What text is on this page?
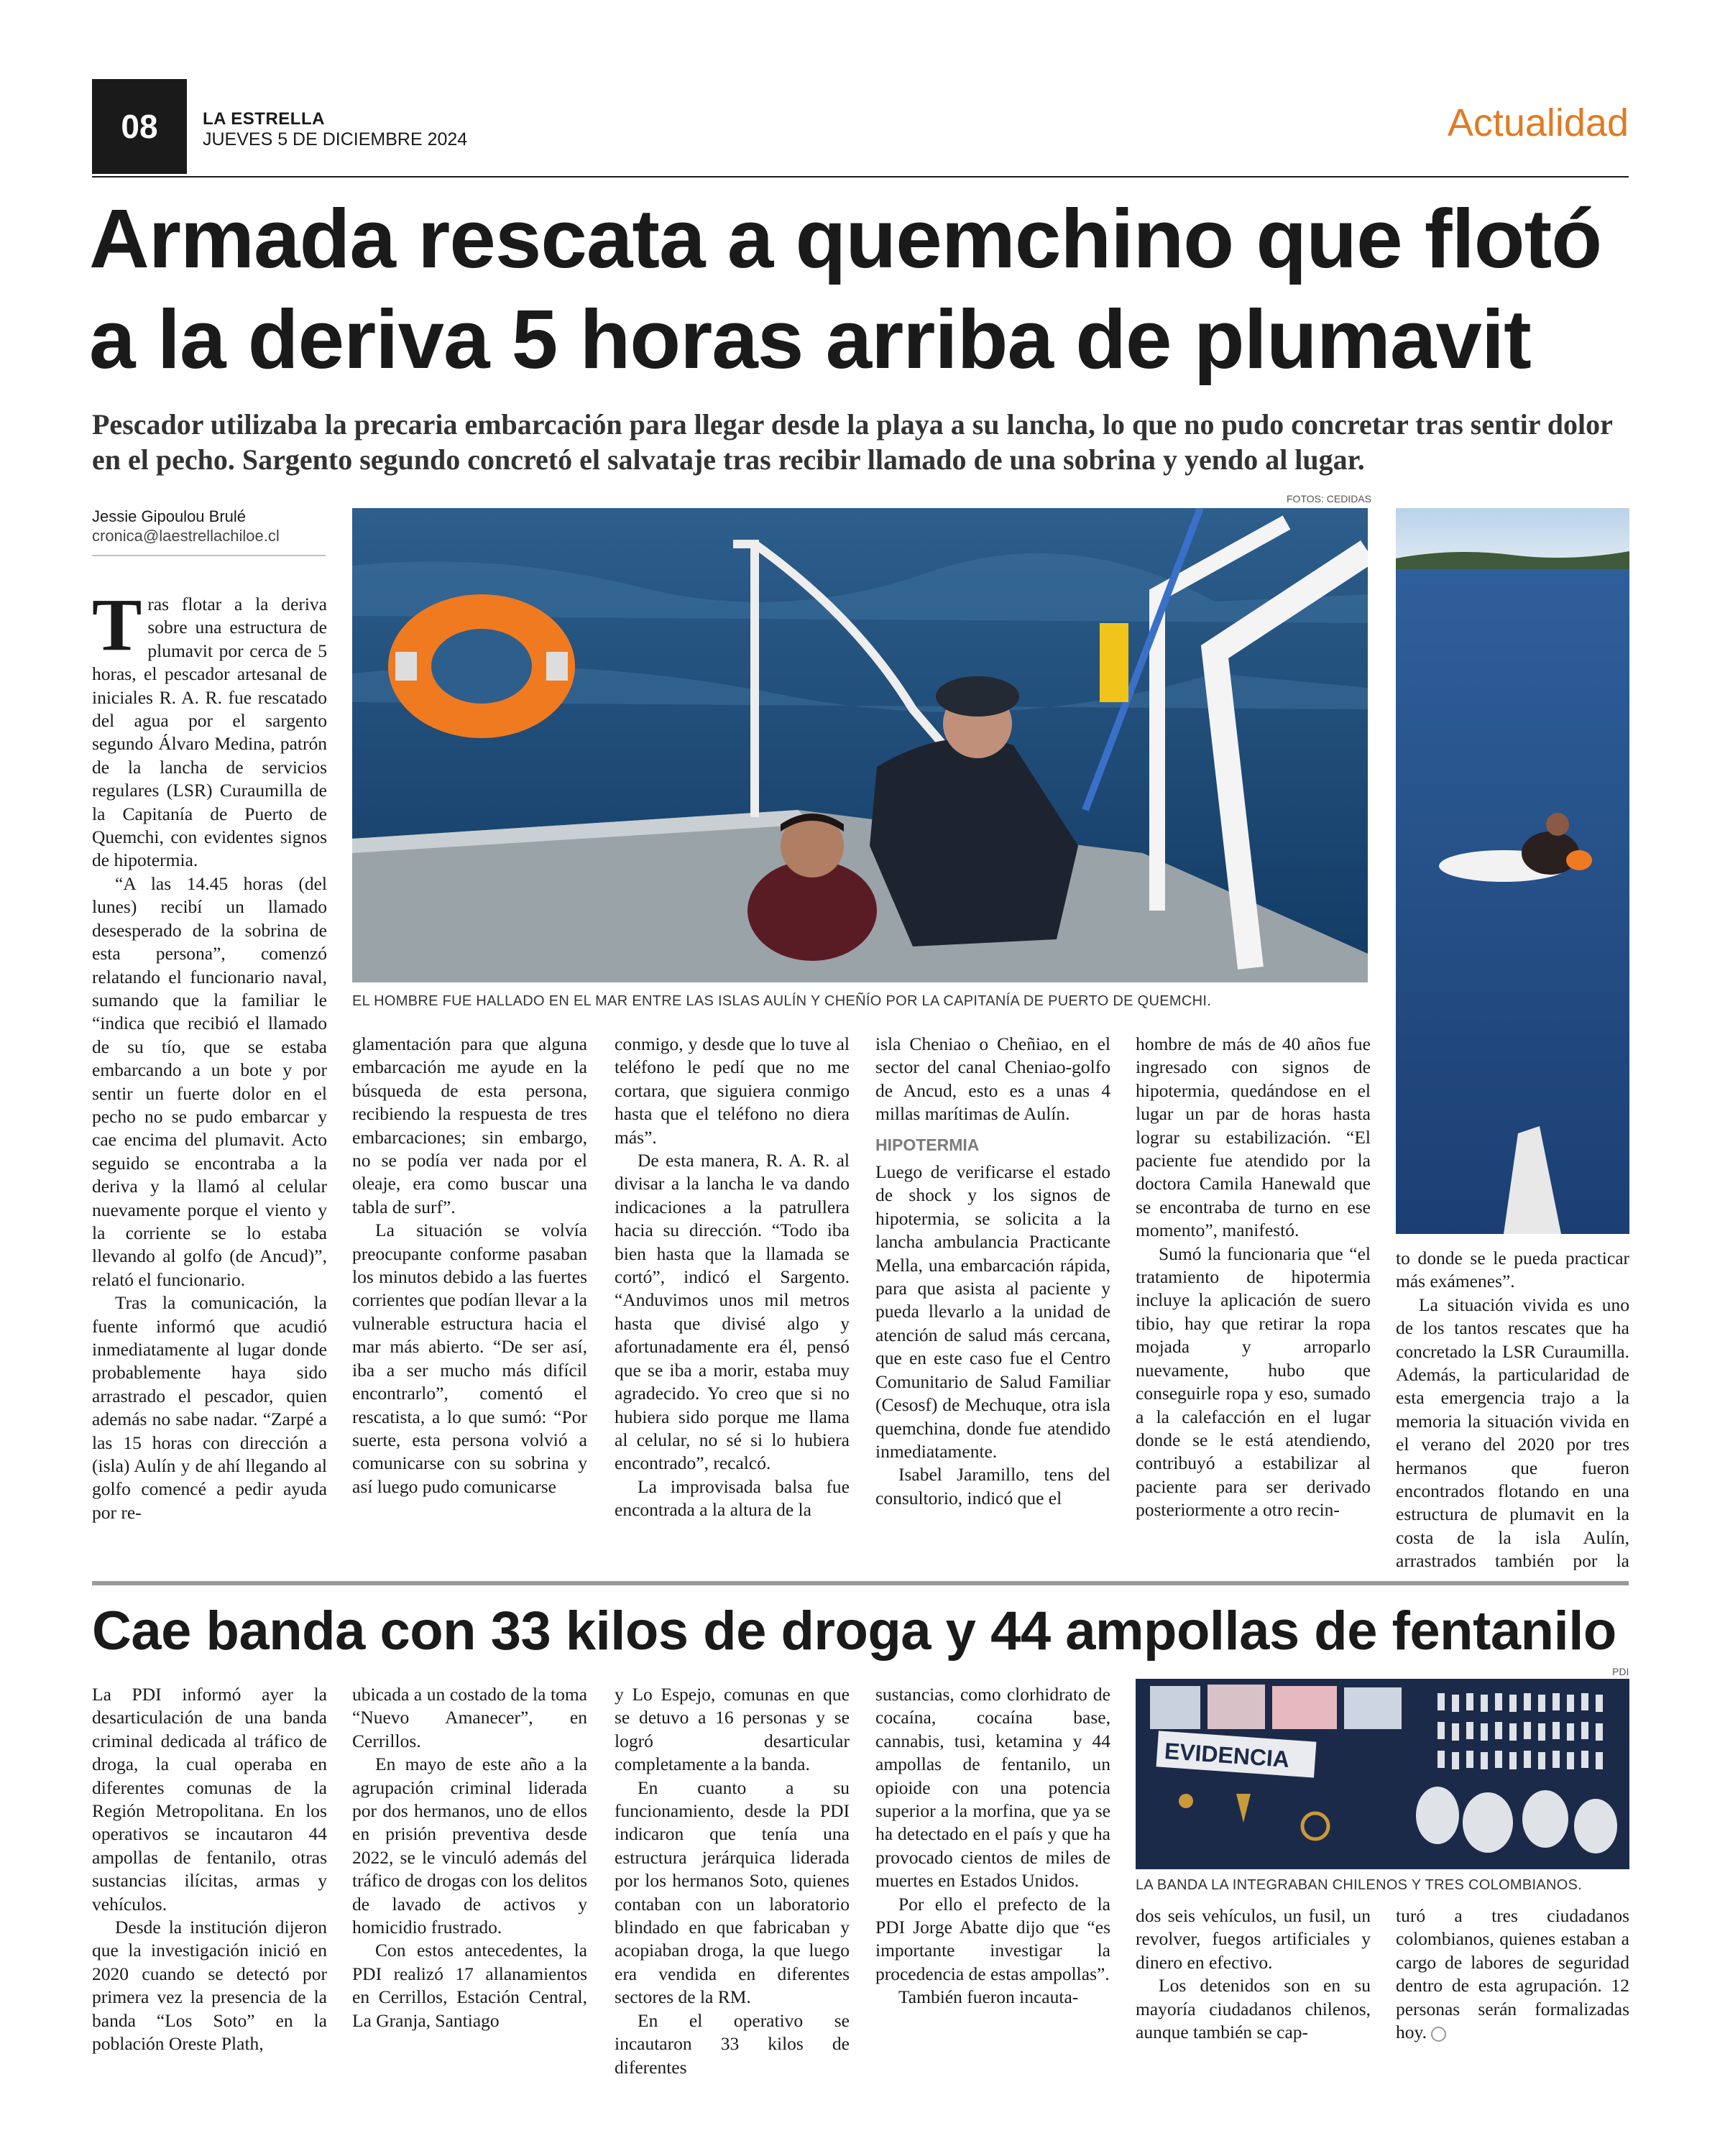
08	LA ESTRELLA
JUEVES 5 DE DICIEMBRE 2024	Actualidad
Armada rescata a quemchino que flotó
a la deriva 5 horas arriba de plumavit
Pescador utilizaba la precaria embarcación para llegar desde la playa a su lancha, lo que no pudo concretar tras sentir dolor en el pecho. Sargento segundo concretó el salvataje tras recibir llamado de una sobrina y yendo al lugar.
Jessie Gipoulou Brulé
cronica@laestrellachiloe.cl
FOTOS: CEDIDAS
EL HOMBRE FUE HALLADO EN EL MAR ENTRE LAS ISLAS AULÍN Y CHEÑÍO POR LA CAPITANÍA DE PUERTO DE QUEMCHI.
T ras flotar a la deriva sobre una estructura de plumavit por cerca de 5 horas, el pescador artesanal de iniciales R. A. R. fue rescatado del agua por el sargento segundo Álvaro Medina, patrón de la lancha de servicios regulares (LSR) Curaumilla de la Capitanía de Puerto de Quemchi, con evidentes signos de hipotermia.

“A las 14.45 horas (del lunes) recibí un llamado desesperado de la sobrina de esta persona”, comenzó relatando el funcionario naval, sumando que la familiar le “indica que recibió el llamado de su tío, que se estaba embarcando a un bote y por sentir un fuerte dolor en el pecho no se pudo embarcar y cae encima del plumavit. Acto seguido se encontraba a la deriva y la llamó al celular nuevamente porque el viento y la corriente se lo estaba llevando al golfo (de Ancud)”, relató el funcionario.

Tras la comunicación, la fuente informó que acudió inmediatamente al lugar donde probablemente haya sido arrastrado el pescador, quien además no sabe nadar. “Zarpé a las 15 horas con dirección a (isla) Aulín y de ahí llegando al golfo comencé a pedir ayuda por re-

glamentación para que alguna embarcación me ayude en la búsqueda de esta persona, recibiendo la respuesta de tres embarcaciones; sin embargo, no se podía ver nada por el oleaje, era como buscar una tabla de surf”.

La situación se volvía preocupante conforme pasaban los minutos debido a las fuertes corrientes que podían llevar a la vulnerable estructura hacia el mar más abierto. “De ser así, iba a ser mucho más difícil encontrarlo”, comentó el rescatista, a lo que sumó: “Por suerte, esta persona volvió a comunicarse con su sobrina y así luego pudo comunicarse

conmigo, y desde que lo tuve al teléfono le pedí que no me cortara, que siguiera conmigo hasta que el teléfono no diera más”.

De esta manera, R. A. R. al divisar a la lancha le va dando indicaciones a la patrullera hacia su dirección. “Todo iba bien hasta que la llamada se cortó”, indicó el Sargento. “Anduvimos unos mil metros hasta que divisé algo y afortunadamente era él, pensó que se iba a morir, estaba muy agradecido. Yo creo que si no hubiera sido porque me llama al celular, no sé si lo hubiera encontrado”, recalcó.

La improvisada balsa fue encontrada a la altura de la

isla Cheniao o Cheñiao, en el sector del canal Cheniao-golfo de Ancud, esto es a unas 4 millas marítimas de Aulín.

HIPOTERMIA

Luego de verificarse el estado de shock y los signos de hipotermia, se solicita a la lancha ambulancia Practicante Mella, una embarcación rápida, para que asista al paciente y pueda llevarlo a la unidad de atención de salud más cercana, que en este caso fue el Centro Comunitario de Salud Familiar (Cesosf) de Mechuque, otra isla quemchina, donde fue atendido inmediatamente.

Isabel Jaramillo, tens del consultorio, indicó que el

hombre de más de 40 años fue ingresado con signos de hipotermia, quedándose en el lugar un par de horas hasta lograr su estabilización. “El paciente fue atendido por la doctora Camila Hanewald que se encontraba de turno en ese momento”, manifestó.

Sumó la funcionaria que “el tratamiento de hipotermia incluye la aplicación de suero tibio, hay que retirar la ropa mojada y arroparlo nuevamente, hubo que conseguirle ropa y eso, sumado a la calefacción en el lugar donde se le está atendiendo, contribuyó a estabilizar al paciente para ser derivado posteriormente a otro recin-

to donde se le pueda practicar más exámenes”.

La situación vivida es uno de los tantos rescates que ha concretado la LSR Curaumilla. Además, la particularidad de esta emergencia trajo a la memoria la situación vivida en el verano del 2020 por tres hermanos que fueron encontrados flotando en una estructura de plumavit en la costa de la isla Aulín, arrastrados también por la

Cae banda con 33 kilos de droga y 44 ampollas de fentanilo
PDI
EVIDENCIA
LA BANDA LA INTEGRABAN CHILENOS Y TRES COLOMBIANOS.

La PDI informó ayer la desarticulación de una banda criminal dedicada al tráfico de droga, la cual operaba en diferentes comunas de la Región Metropolitana. En los operativos se incautaron 44 ampollas de fentanilo, otras sustancias ilícitas, armas y vehículos.

Desde la institución dijeron que la investigación inició en 2020 cuando se detectó por primera vez la presencia de la banda “Los Soto” en la población Oreste Plath,

ubicada a un costado de la toma “Nuevo Amanecer”, en Cerrillos.

En mayo de este año a la agrupación criminal liderada por dos hermanos, uno de ellos en prisión preventiva desde 2022, se le vinculó además del tráfico de drogas con los delitos de lavado de activos y homicidio frustrado.

Con estos antecedentes, la PDI realizó 17 allanamientos en Cerrillos, Estación Central, La Granja, Santiago

y Lo Espejo, comunas en que se detuvo a 16 personas y se logró desarticular completamente a la banda.

En cuanto a su funcionamiento, desde la PDI indicaron que tenía una estructura jerárquica liderada por los hermanos Soto, quienes contaban con un laboratorio blindado en que fabricaban y acopiaban droga, la que luego era vendida en diferentes sectores de la RM.

En el operativo se incautaron 33 kilos de diferentes

sustancias, como clorhidrato de cocaína, cocaína base, cannabis, tusi, ketamina y 44 ampollas de fentanilo, un opioide con una potencia superior a la morfina, que ya se ha detectado en el país y que ha provocado cientos de miles de muertes en Estados Unidos.

Por ello el prefecto de la PDI Jorge Abatte dijo que “es importante investigar la procedencia de estas ampollas”.

También fueron incauta-

dos seis vehículos, un fusil, un revolver, fuegos artificiales y dinero en efectivo.

Los detenidos son en su mayoría ciudadanos chilenos, aunque también se cap-

turó a tres ciudadanos colombianos, quienes estaban a cargo de labores de seguridad dentro de esta agrupación. 12 personas serán formalizadas hoy.
